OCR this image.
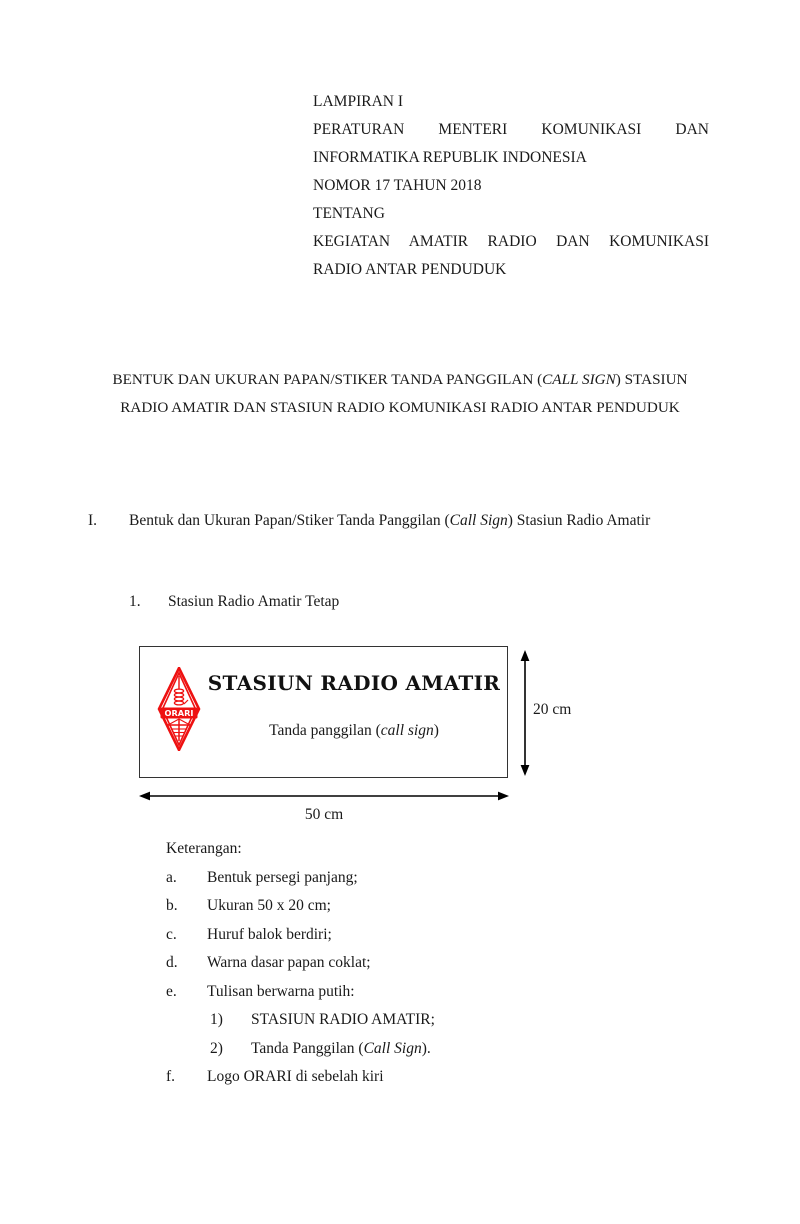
LAMPIRAN I
PERATURAN MENTERI KOMUNIKASI DAN
INFORMATIKA REPUBLIK INDONESIA
NOMOR 17 TAHUN 2018
TENTANG
KEGIATAN AMATIR RADIO DAN KOMUNIKASI
RADIO ANTAR PENDUDUK
BENTUK DAN UKURAN PAPAN/STIKER TANDA PANGGILAN (CALL SIGN) STASIUN RADIO AMATIR DAN STASIUN RADIO KOMUNIKASI RADIO ANTAR PENDUDUK
I.	Bentuk dan Ukuran Papan/Stiker Tanda Panggilan (Call Sign) Stasiun Radio Amatir
1. Stasiun Radio Amatir Tetap
ORARI
STASIUN RADIO AMATIR
Tanda panggilan (call sign)
20 cm
50 cm
Keterangan:
a.	Bentuk persegi panjang;
b.	Ukuran 50 x 20 cm;
c.	Huruf balok berdiri;
d.	Warna dasar papan coklat;
e.	Tulisan berwarna putih:
1)	STASIUN RADIO AMATIR;
2)	Tanda Panggilan (Call Sign).
f.	Logo ORARI di sebelah kiri
